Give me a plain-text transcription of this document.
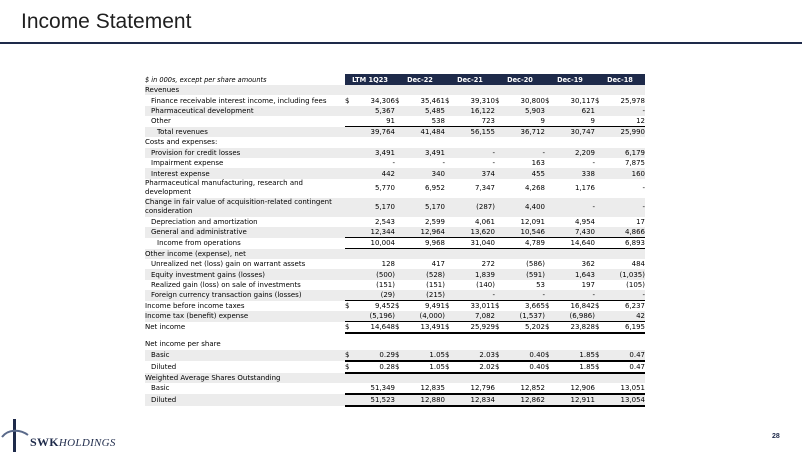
Income Statement
$ in 000s, except per share amounts	LTM 1Q23		Dec-22		Dec-21		Dec-20		Dec-19		Dec-18	
Revenues												
Finance receivable interest income, including fees	$	34,306	$	35,461	$	39,310	$	30,800	$	30,117	$	25,978
Pharmaceutical development		5,367		5,485		16,122		5,903		621		-
Other		91		538		723		9		9		12
Total revenues		39,764		41,484		56,155		36,712		30,747		25,990
Costs and expenses:												
Provision for credit losses		3,491		3,491		-		-		2,209		6,179
Impairment expense		-		-		-		163		-		7,875
Interest expense		442		340		374		455		338		160
Pharmaceutical manufacturing, research and development		5,770		6,952		7,347		4,268		1,176		-
Change in fair value of acquisition-related contingent consideration		5,170		5,170		(287)		4,400		-		-
Depreciation and amortization		2,543		2,599		4,061		12,091		4,954		17
General and administrative		12,344		12,964		13,620		10,546		7,430		4,866
Income from operations		10,004		9,968		31,040		4,789		14,640		6,893
Other income (expense), net												
Unrealized net (loss) gain on warrant assets		128		417		272		(586)		362		484
Equity investment gains (losses)		(500)		(528)		1,839		(591)		1,643		(1,035)
Realized gain (loss) on sale of investments		(151)		(151)		(140)		53		197		(105)
Foreign currency transaction gains (losses)		(29)		(215)		-		-		-		-
Income before income taxes	$	9,452	$	9,491	$	33,011	$	3,665	$	16,842	$	6,237
Income tax (benefit) expense		(5,196)		(4,000)		7,082		(1,537)		(6,986)		42
Net income	$	14,648	$	13,491	$	25,929	$	5,202	$	23,828	$	6,195

Net income per share												
Basic	$	0.29	$	1.05	$	2.03	$	0.40	$	1.85	$	0.47
Diluted	$	0.28	$	1.05	$	2.02	$	0.40	$	1.85	$	0.47
Weighted Average Shares Outstanding												
Basic		51,349		12,835		12,796		12,852		12,906		13,051
Diluted		51,523		12,880		12,834		12,862		12,911		13,054
SWKHOLDINGS
28
